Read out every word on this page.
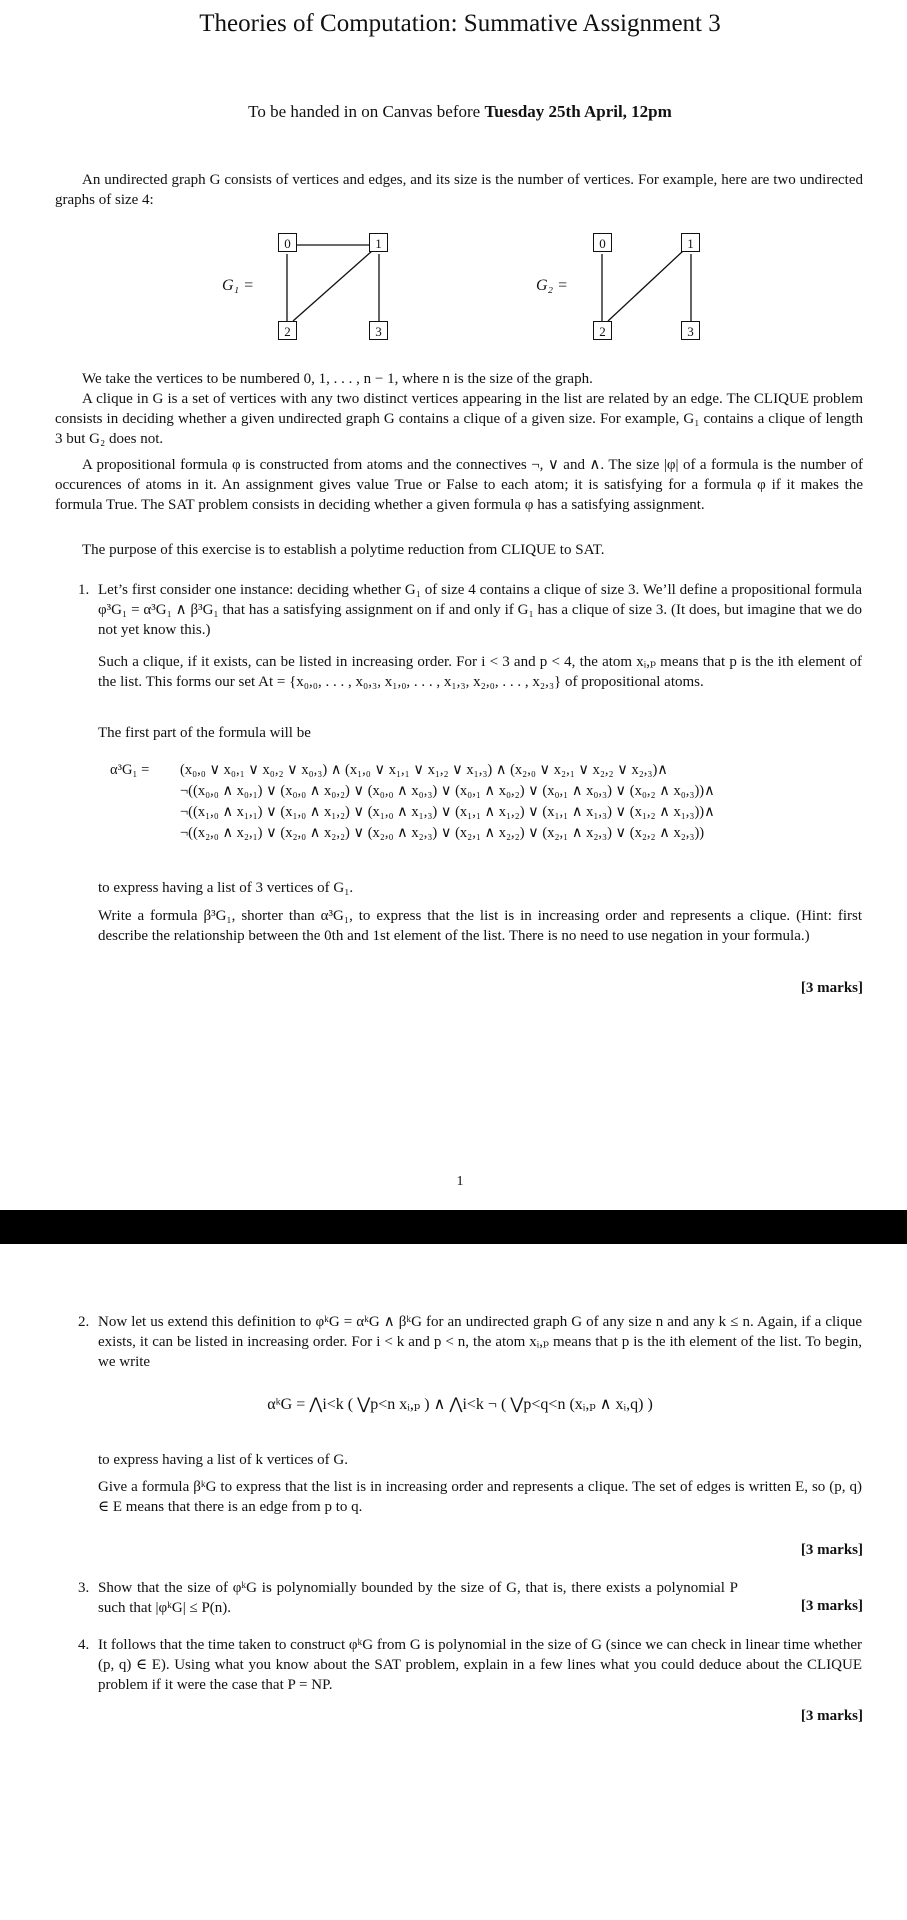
Theories of Computation: Summative Assignment 3
To be handed in on Canvas before Tuesday 25th April, 12pm

An undirected graph G consists of vertices and edges, and its size is the number of vertices. For example, here are two undirected graphs of size 4:

G₁ =
0	1
2	3
G₂ =
0	1
2	3

We take the vertices to be numbered 0, 1, . . . , n − 1, where n is the size of the graph.

A clique in G is a set of vertices with any two distinct vertices appearing in the list are related by an edge. The CLIQUE problem consists in deciding whether a given undirected graph G contains a clique of a given size. For example, G₁ contains a clique of length 3 but G₂ does not.

A propositional formula φ is constructed from atoms and the connectives ¬, ∨ and ∧. The size |φ| of a formula is the number of occurences of atoms in it. An assignment gives value True or False to each atom; it is satisfying for a formula φ if it makes the formula True. The SAT problem consists in deciding whether a given formula φ has a satisfying assignment.

The purpose of this exercise is to establish a polytime reduction from CLIQUE to SAT.

1. Let’s first consider one instance: deciding whether G₁ of size 4 contains a clique of size 3. We’ll define a propositional formula φ³G₁ = α³G₁ ∧ β³G₁ that has a satisfying assignment on if and only if G₁ has a clique of size 3. (It does, but imagine that we do not yet know this.)

Such a clique, if it exists, can be listed in increasing order. For i < 3 and p < 4, the atom xᵢ,ₚ means that p is the ith element of the list. This forms our set At = {x₀,₀, . . . , x₀,₃, x₁,₀, . . . , x₁,₃, x₂,₀, . . . , x₂,₃} of propositional atoms.

The first part of the formula will be

α³G₁ = (x₀,₀ ∨ x₀,₁ ∨ x₀,₂ ∨ x₀,₃) ∧ (x₁,₀ ∨ x₁,₁ ∨ x₁,₂ ∨ x₁,₃) ∧ (x₂,₀ ∨ x₂,₁ ∨ x₂,₂ ∨ x₂,₃)∧
¬((x₀,₀ ∧ x₀,₁) ∨ (x₀,₀ ∧ x₀,₂) ∨ (x₀,₀ ∧ x₀,₃) ∨ (x₀,₁ ∧ x₀,₂) ∨ (x₀,₁ ∧ x₀,₃) ∨ (x₀,₂ ∧ x₀,₃))∧
¬((x₁,₀ ∧ x₁,₁) ∨ (x₁,₀ ∧ x₁,₂) ∨ (x₁,₀ ∧ x₁,₃) ∨ (x₁,₁ ∧ x₁,₂) ∨ (x₁,₁ ∧ x₁,₃) ∨ (x₁,₂ ∧ x₁,₃))∧
¬((x₂,₀ ∧ x₂,₁) ∨ (x₂,₀ ∧ x₂,₂) ∨ (x₂,₀ ∧ x₂,₃) ∨ (x₂,₁ ∧ x₂,₂) ∨ (x₂,₁ ∧ x₂,₃) ∨ (x₂,₂ ∧ x₂,₃))

to express having a list of 3 vertices of G₁.

Write a formula β³G₁, shorter than α³G₁, to express that the list is in increasing order and represents a clique. (Hint: first describe the relationship between the 0th and 1st element of the list. There is no need to use negation in your formula.)

[3 marks]
1
2. Now let us extend this definition to φᵏG = αᵏG ∧ βᵏG for an undirected graph G of any size n and any k ≤ n. Again, if a clique exists, it can be listed in increasing order. For i < k and p < n, the atom xᵢ,ₚ means that p is the ith element of the list. To begin, we write

αᵏG = ⋀i<k ( ⋁p<n xᵢ,ₚ ) ∧ ⋀i<k ¬ ( ⋁p<q<n (xᵢ,ₚ ∧ xᵢ,q) )

to express having a list of k vertices of G.

Give a formula βᵏG to express that the list is in increasing order and represents a clique. The set of edges is written E, so (p, q) ∈ E means that there is an edge from p to q.

[3 marks]
3. Show that the size of φᵏG is polynomially bounded by the size of G, that is, there exists a polynomial P such that |φᵏG| ≤ P(n).	[3 marks]
4. It follows that the time taken to construct φᵏG from G is polynomial in the size of G (since we can check in linear time whether (p, q) ∈ E). Using what you know about the SAT problem, explain in a few lines what you could deduce about the CLIQUE problem if it were the case that P = NP.

[3 marks]
